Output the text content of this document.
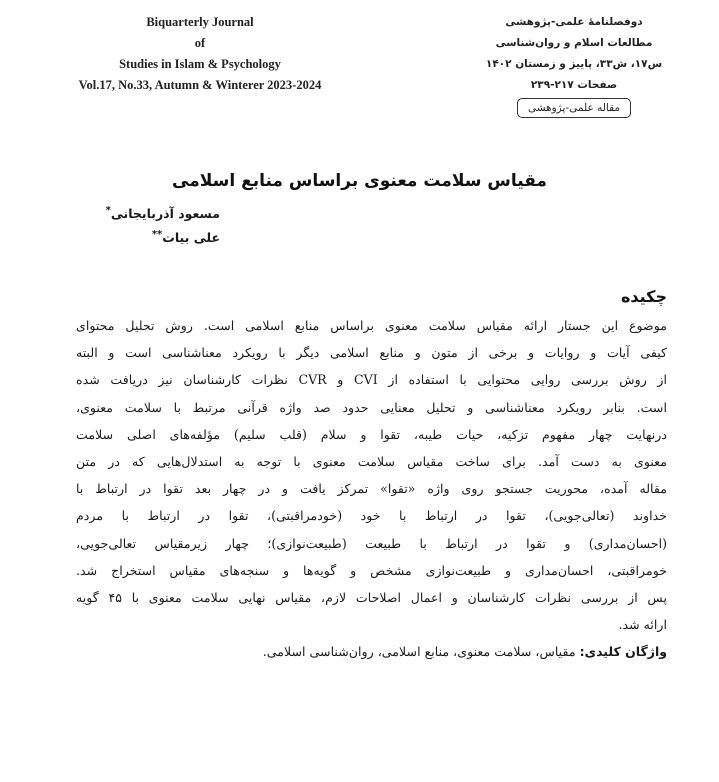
Biquarterly Journal
of
Studies in Islam & Psychology
Vol.17, No.33, Autumn & Winterer 2023-2024
دوفصلنامۀ علمی-پژوهشی
مطالعات اسلام و روان‌شناسی
س۱۷، ش۳۳، پاییز و زمستان ۱۴۰۲
صفحات ۲۱۷-۲۳۹
مقاله علمی-پژوهشی
مقیاس سلامت معنوی براساس منابع اسلامی
مسعود آذربایجانی*
علی بیات**
چکیده
موضوع این جستار ارائه مقیاس سلامت معنوی براساس منابع اسلامی است. روش تحلیل محتوای
کیفی آیات و روایات و برخی از متون و منابع اسلامی دیگر با رویکرد معناشناسی است و البته
از روش بررسی روایی محتوایی با استفاده از CVI و CVR نظرات کارشناسان نیز دریافت شده
است. بنابر رویکرد معناشناسی و تحلیل معنایی حدود صد واژه قرآنی مرتبط با سلامت معنوی،
درنهایت چهار مفهوم تزکیه، حیات طیبه، تقوا و سلام (قلب سلیم) مؤلفه‌های اصلی سلامت
معنوی به دست آمد. برای ساخت مقیاس سلامت معنوی با توجه به استدلال‌هایی که در متن
مقاله آمده، محوریت جستجو روی واژه «تقوا» تمرکز یافت و در چهار بعد تقوا در ارتباط با
خداوند (تعالی‌جویی)، تقوا در ارتباط با خود (خودمراقبتی)، تقوا در ارتباط با مردم
(احسان‌مداری) و تقوا در ارتباط با طبیعت (طبیعت‌نوازی)؛ چهار زیرمقیاس تعالی‌جویی،
خومراقبتی، احسان‌مداری و طبیعت‌نوازی مشخص و گویه‌ها و سنجه‌های مقیاس استخراج شد.
پس از بررسی نظرات کارشناسان و اعمال اصلاحات لازم، مقیاس نهایی سلامت معنوی با ۴۵ گویه
ارائه شد.
واژگان کلیدی: مقیاس، سلامت معنوی، منابع اسلامی، روان‌شناسی اسلامی.
